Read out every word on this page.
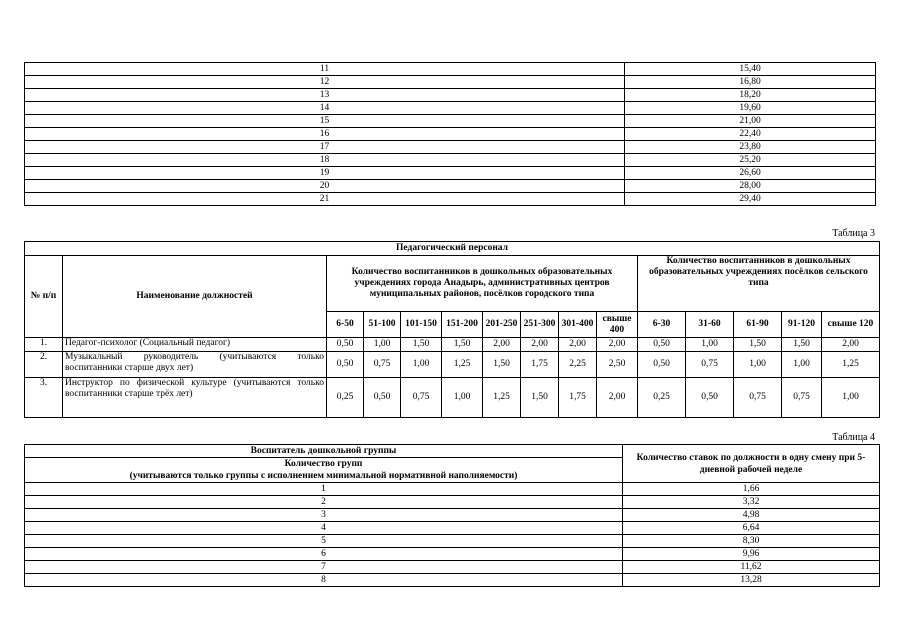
11	15,40
12	16,80
13	18,20
14	19,60
15	21,00
16	22,40
17	23,80
18	25,20
19	26,60
20	28,00
21	29,40
Таблица 3
Педагогический персонал														
№ п/п	Наименование должностей	Количество воспитанников в дошкольных образовательных учреждениях города Анадырь, административных центров муниципальных районов, посёлков городского типа								Количество воспитанников в дошкольных образовательных учреждениях посёлков сельского типа				
		6-50	51-100	101-150	151-200	201-250	251-300	301-400	свыше 400	6-30	31-60	61-90	91-120	свыше 120
1.	Педагог-психолог (Социальный педагог)	0,50	1,00	1,50	1,50	2,00	2,00	2,00	2,00	0,50	1,00	1,50	1,50	2,00
2.	Музыкальный руководитель (учитываются только воспитанники старше двух лет)	0,50	0,75	1,00	1,25	1,50	1,75	2,25	2,50	0,50	0,75	1,00	1,00	1,25
3.	Инструктор по физической культуре (учитываются только воспитанники старше трёх лет)	0,25	0,50	0,75	1,00	1,25	1,50	1,75	2,00	0,25	0,50	0,75	0,75	1,00
Таблица 4
Воспитатель дошкольной группы
Количество групп
(учитываются только группы с исполнением минимальной нормативной наполняемости)	Количество ставок по должности в одну смену при 5-дневной рабочей неделе
1	1,66
2	3,32
3	4,98
4	6,64
5	8,30
6	9,96
7	11,62
8	13,28
